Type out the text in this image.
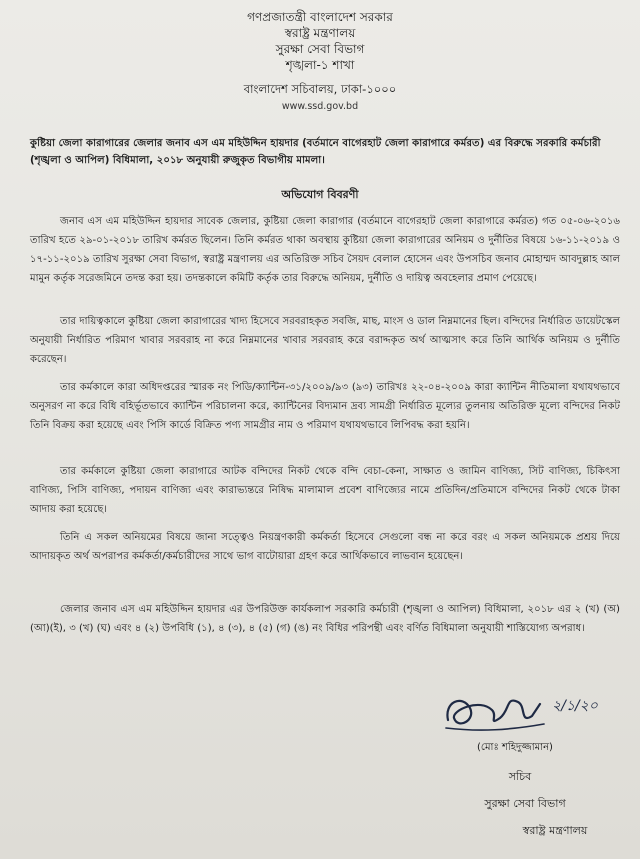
গণপ্রজাতন্ত্রী বাংলাদেশ সরকার
স্বরাষ্ট্র মন্ত্রণালয়
সুরক্ষা সেবা বিভাগ
শৃঙ্খলা-১ শাখা
বাংলাদেশ সচিবালয়, ঢাকা-১০০০
www.ssd.gov.bd
কুষ্টিয়া জেলা কারাগারের জেলার জনাব এস এম মহিউদ্দিন হায়দার (বর্তমানে বাগেরহাট জেলা কারাগারে কর্মরত) এর বিরুদ্ধে সরকারি কর্মচারী (শৃঙ্খলা ও আপিল) বিধিমালা, ২০১৮ অনুযায়ী রুজুকৃত বিভাগীয় মামলা।
অভিযোগ বিবরণী
জনাব এস এম মহিউদ্দিন হায়দার সাবেক জেলার, কুষ্টিয়া জেলা কারাগার (বর্তমানে বাগেরহাট জেলা কারাগারে কর্মরত) গত ০৫-০৬-২০১৬ তারিখ হতে ২৯-০১-২০১৮ তারিখ কর্মরত ছিলেন। তিনি কর্মরত থাকা অবস্থায় কুষ্টিয়া জেলা কারাগারের অনিয়ম ও দুর্নীতির বিষয়ে ১৬-১১-২০১৯ ও ১৭-১১-২০১৯ তারিখ সুরক্ষা সেবা বিভাগ, স্বরাষ্ট্র মন্ত্রণালয় এর অতিরিক্ত সচিব সৈয়দ বেলাল হোসেন এবং উপসচিব জনাব মোহাম্মদ আবদুল্লাহ আল মামুন কর্তৃক সরেজমিনে তদন্ত করা হয়। তদন্তকালে কমিটি কর্তৃক তার বিরুদ্ধে অনিয়ম, দুর্নীতি ও দায়িত্ব অবহেলার প্রমাণ পেয়েছে।
তার দায়িত্বকালে কুষ্টিয়া জেলা কারাগারের খাদ্য হিসেবে সরবরাহকৃত সবজি, মাছ, মাংস ও ডাল নিম্নমানের ছিল। বন্দিদের নির্ধারিত ডায়েটস্কেল অনুযায়ী নির্ধারিত পরিমাণ খাবার সরবরাহ না করে নিম্নমানের খাবার সরবরাহ করে বরাদ্দকৃত অর্থ আত্মসাৎ করে তিনি আর্থিক অনিয়ম ও দুর্নীতি করেছেন।
তার কর্মকালে কারা অধিদপ্তরের স্মারক নং পিডি/ক্যান্টিন-৩১/২০০৯/৯৩ (৯৩) তারিখঃ ২২-০৪-২০০৯ কারা ক্যান্টিন নীতিমালা যথাযথভাবে অনুসরণ না করে বিধি বহির্ভূতভাবে ক্যান্টিন পরিচালনা করে, ক্যান্টিনের বিদ্যমান দ্রব্য সামগ্রী নির্ধারিত মূল্যের তুলনায় অতিরিক্ত মূল্যে বন্দিদের নিকট তিনি বিক্রয় করা হয়েছে এবং পিসি কার্ডে বিক্রিত পণ্য সামগ্রীর নাম ও পরিমাণ যথাযথভাবে লিপিবদ্ধ করা হয়নি।
তার কর্মকালে কুষ্টিয়া জেলা কারাগারে আটক বন্দিদের নিকট থেকে বন্দি বেচা-কেনা, সাক্ষাত ও জামিন বাণিজ্য, সিট বাণিজ্য, চিকিৎসা বাণিজ্য, পিসি বাণিজ্য, পদায়ন বাণিজ্য এবং কারাভ্যন্তরে নিষিদ্ধ মালামাল প্রবেশ বাণিজ্যের নামে প্রতিদিন/প্রতিমাসে বন্দিদের নিকট থেকে টাকা আদায় করা হয়েছে।
তিনি এ সকল অনিয়মের বিষয়ে জানা সত্ত্বেও নিয়ন্ত্রণকারী কর্মকর্তা হিসেবে সেগুলো বন্ধ না করে বরং এ সকল অনিয়মকে প্রশ্রয় দিয়ে আদায়কৃত অর্থ অপরাপর কর্মকর্তা/কর্মচারীদের সাথে ভাগ বাটোয়ারা গ্রহণ করে আর্থিকভাবে লাভবান হয়েছেন।
জেলার জনাব এস এম মহিউদ্দিন হায়দার এর উপরিউক্ত কার্যকলাপ সরকারি কর্মচারী (শৃঙ্খলা ও আপিল) বিধিমালা, ২০১৮ এর ২ (খ) (অ)(আ)(ই), ৩ (খ) (ঘ) এবং ৪ (২) উপবিধি (১), ৪ (৩), ৪ (৫) (গ) (ঙ) নং বিধির পরিপন্থী এবং বর্ণিত বিধিমালা অনুযায়ী শাস্তিযোগ্য অপরাধ।
২/১/২০
(মোঃ শহিদুজ্জামান)
সচিব
সুরক্ষা সেবা বিভাগ
স্বরাষ্ট্র মন্ত্রণালয়
